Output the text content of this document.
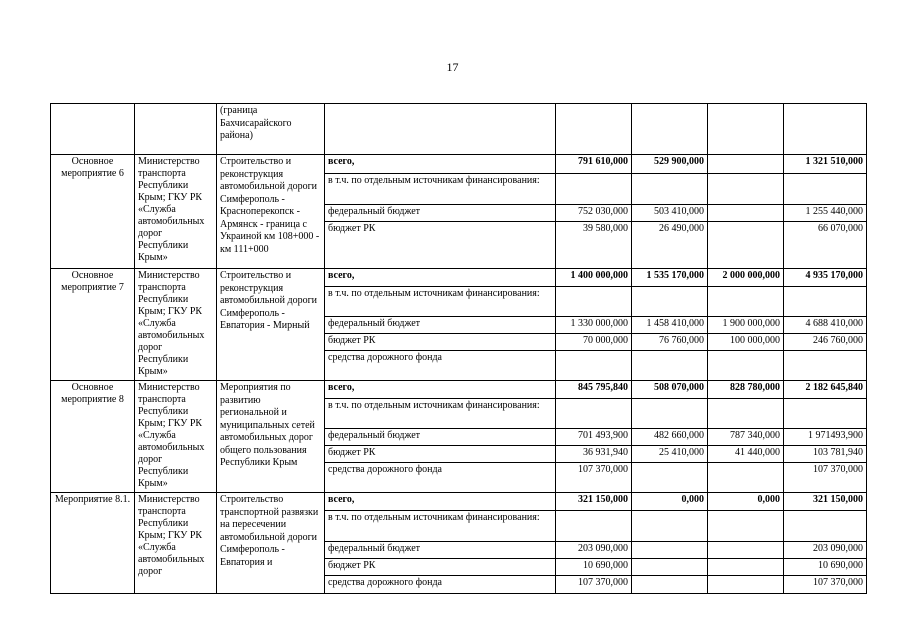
17
		(граница Бахчисарайского района)					
Основное мероприятие 6	Министерство транспорта Республики Крым; ГКУ РК «Служба автомобильных дорог Республики Крым»	Строительство и реконструкция автомобильной дороги Симферополь - Красноперекопск - Армянск - граница с Украиной км 108+000 - км 111+000	всего,	791 610,000	529 900,000		1 321 510,000
			в т.ч. по отдельным источникам финансирования:				
			федеральный бюджет	752 030,000	503 410,000		1 255 440,000
			бюджет РК	39 580,000	26 490,000		66 070,000
Основное мероприятие 7	Министерство транспорта Республики Крым; ГКУ РК «Служба автомобильных дорог Республики Крым»	Строительство и реконструкция автомобильной дороги Симферополь - Евпатория - Мирный	всего,	1 400 000,000	1 535 170,000	2 000 000,000	4 935 170,000
			в т.ч. по отдельным источникам финансирования:				
			федеральный бюджет	1 330 000,000	1 458 410,000	1 900 000,000	4 688 410,000
			бюджет РК	70 000,000	76 760,000	100 000,000	246 760,000
			средства дорожного фонда				
Основное мероприятие 8	Министерство транспорта Республики Крым; ГКУ РК «Служба автомобильных дорог Республики Крым»	Мероприятия по развитию региональной и муниципальных сетей автомобильных дорог общего пользования Республики Крым	всего,	845 795,840	508 070,000	828 780,000	2 182 645,840
			в т.ч. по отдельным источникам финансирования:				
			федеральный бюджет	701 493,900	482 660,000	787 340,000	1 971493,900
			бюджет РК	36 931,940	25 410,000	41 440,000	103 781,940
			средства дорожного фонда	107 370,000			107 370,000
Мероприятие 8.1.	Министерство транспорта Республики Крым; ГКУ РК «Служба автомобильных дорог	Строительство транспортной развязки на пересечении автомобильной дороги Симферополь - Евпатория и	всего,	321 150,000	0,000	0,000	321 150,000
			в т.ч. по отдельным источникам финансирования:				
			федеральный бюджет	203 090,000			203 090,000
			бюджет РК	10 690,000			10 690,000
			средства дорожного фонда	107 370,000			107 370,000
